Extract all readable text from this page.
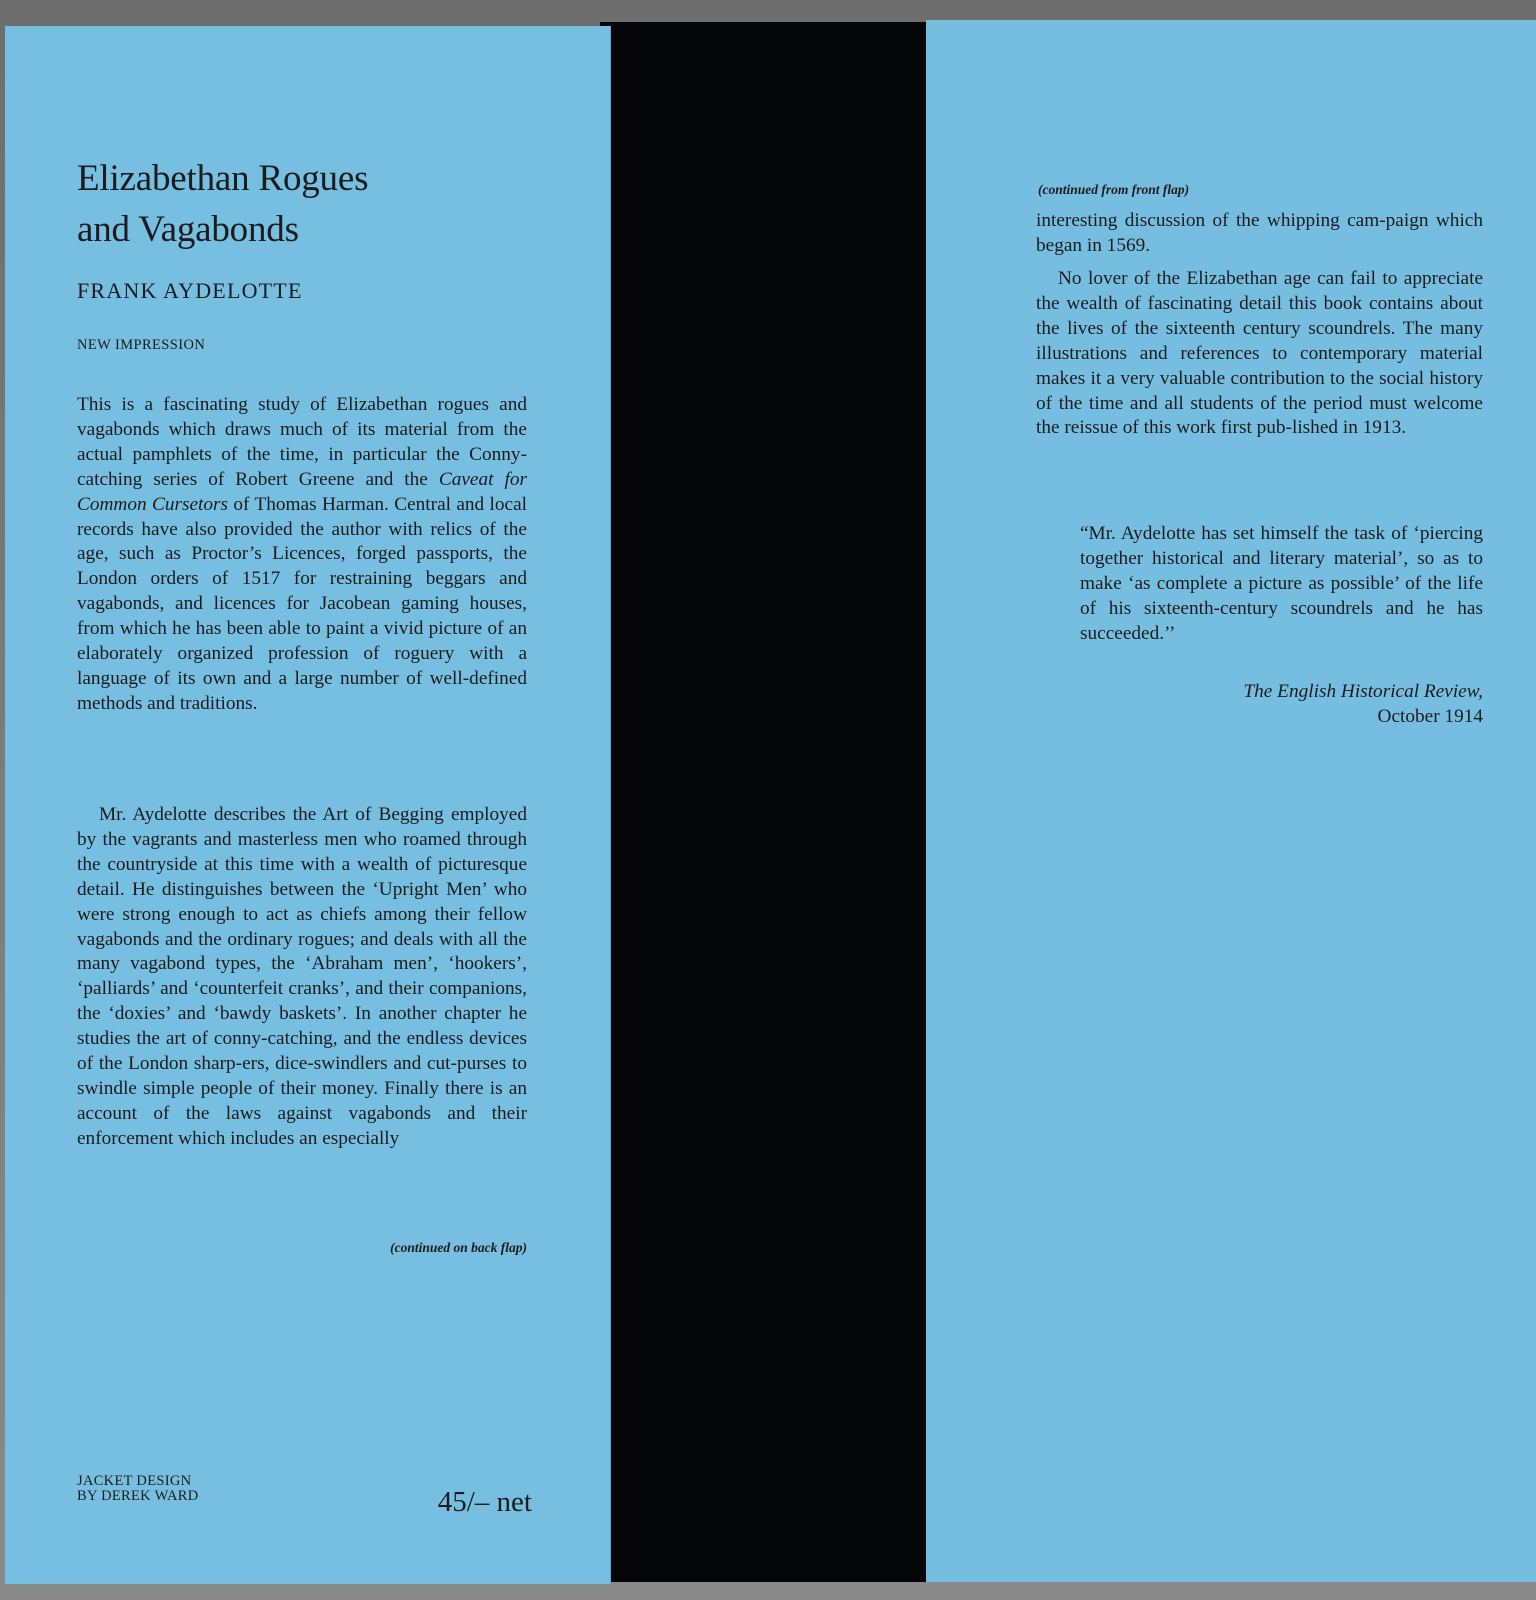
Elizabethan Rogues
and Vagabonds
FRANK AYDELOTTE
NEW IMPRESSION
This is a fascinating study of Elizabethan rogues and vagabonds which draws much of its material from the actual pamphlets of the time, in particular the Conny-catching series of Robert Greene and the Caveat for Common Cursetors of Thomas Harman. Central and local records have also provided the author with relics of the age, such as Proctor’s Licences, forged passports, the London orders of 1517 for restraining beggars and vagabonds, and licences for Jacobean gaming houses, from which he has been able to paint a vivid picture of an elaborately organized profession of roguery with a language of its own and a large number of well-defined methods and traditions.
Mr. Aydelotte describes the Art of Begging employed by the vagrants and masterless men who roamed through the countryside at this time with a wealth of picturesque detail. He distinguishes between the ‘Upright Men’ who were strong enough to act as chiefs among their fellow vagabonds and the ordinary rogues; and deals with all the many vagabond types, the ‘Abraham men’, ‘hookers’, ‘palliards’ and ‘counterfeit cranks’, and their companions, the ‘doxies’ and ‘bawdy baskets’. In another chapter he studies the art of conny-catching, and the endless devices of the London sharp-ers, dice-swindlers and cut-purses to swindle simple people of their money. Finally there is an account of the laws against vagabonds and their enforcement which includes an especially
(continued on back flap)
JACKET DESIGN
BY DEREK WARD	45/– net
(continued from front flap)
interesting discussion of the whipping cam-paign which began in 1569.
No lover of the Elizabethan age can fail to appreciate the wealth of fascinating detail this book contains about the lives of the sixteenth century scoundrels. The many illustrations and references to contemporary material makes it a very valuable contribution to the social history of the time and all students of the period must welcome the reissue of this work first pub-lished in 1913.
“Mr. Aydelotte has set himself the task of ‘piercing together historical and literary material’, so as to make ‘as complete a picture as possible’ of the life of his sixteenth-century scoundrels and he has succeeded.’’
The English Historical Review,
October 1914
